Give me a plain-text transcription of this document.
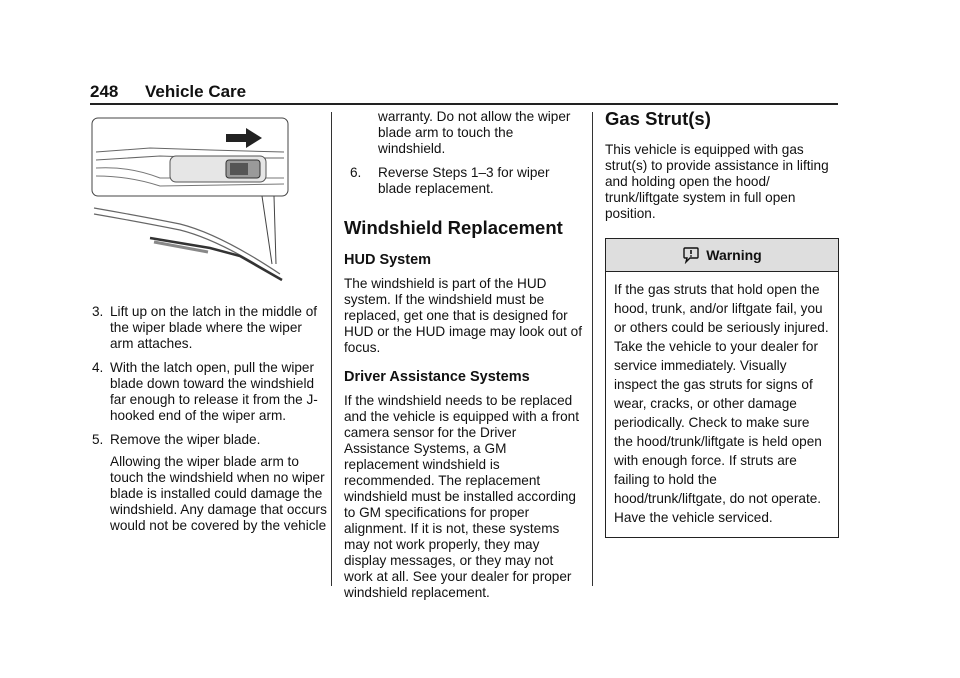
248 Vehicle Care
3. Lift up on the latch in the middle of the wiper blade where the wiper arm attaches.
4. With the latch open, pull the wiper blade down toward the windshield far enough to release it from the J-hooked end of the wiper arm.
5. Remove the wiper blade.
Allowing the wiper blade arm to touch the windshield when no wiper blade is installed could damage the windshield. Any damage that occurs would not be covered by the vehicle
warranty. Do not allow the wiper blade arm to touch the windshield.
6. Reverse Steps 1–3 for wiper blade replacement.
Windshield Replacement
HUD System

The windshield is part of the HUD system. If the windshield must be replaced, get one that is designed for HUD or the HUD image may look out of focus.

Driver Assistance Systems

If the windshield needs to be replaced and the vehicle is equipped with a front camera sensor for the Driver Assistance Systems, a GM replacement windshield is recommended. The replacement windshield must be installed according to GM specifications for proper alignment. If it is not, these systems may not work properly, they may display messages, or they may not work at all. See your dealer for proper windshield replacement.

Gas Strut(s)

This vehicle is equipped with gas strut(s) to provide assistance in lifting and holding open the hood/ trunk/liftgate system in full open position.

Warning
If the gas struts that hold open the hood, trunk, and/or liftgate fail, you or others could be seriously injured. Take the vehicle to your dealer for service immediately. Visually inspect the gas struts for signs of wear, cracks, or other damage periodically. Check to make sure the hood/trunk/liftgate is held open with enough force. If struts are failing to hold the hood/trunk/liftgate, do not operate. Have the vehicle serviced.
